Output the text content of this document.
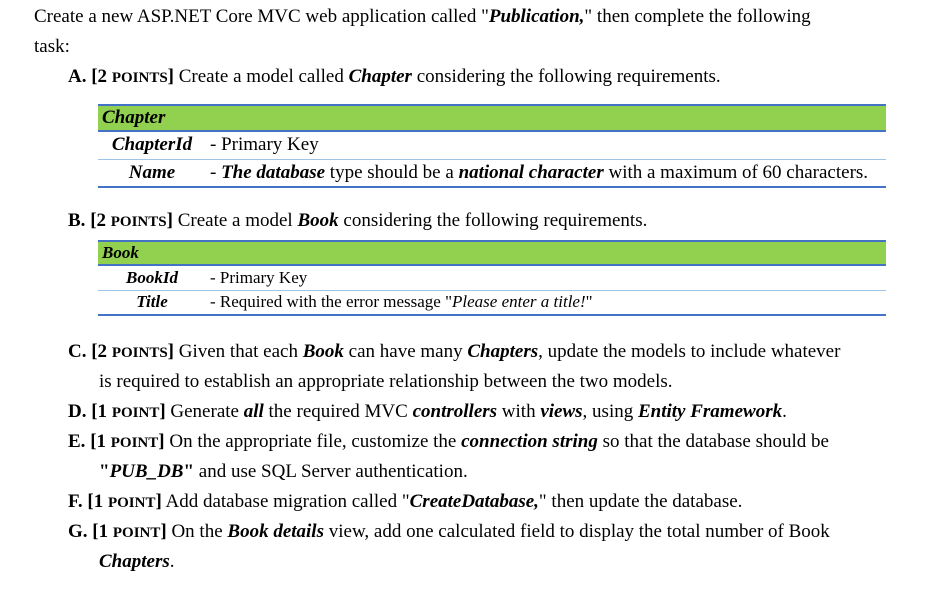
Create a new ASP.NET Core MVC web application called "Publication," then complete the following
task:
A. [2 POINTS] Create a model called Chapter considering the following requirements.
Chapter	
ChapterId	- Primary Key
Name	- The database type should be a national character with a maximum of 60 characters.
B. [2 POINTS] Create a model Book considering the following requirements.
Book	
BookId	- Primary Key
Title	- Required with the error message "Please enter a title!"
C. [2 POINTS] Given that each Book can have many Chapters, update the models to include whatever
is required to establish an appropriate relationship between the two models.
D. [1 POINT] Generate all the required MVC controllers with views, using Entity Framework.
E. [1 POINT] On the appropriate file, customize the connection string so that the database should be
"PUB_DB" and use SQL Server authentication.
F. [1 POINT] Add database migration called "CreateDatabase," then update the database.
G. [1 POINT] On the Book details view, add one calculated field to display the total number of Book
Chapters.
